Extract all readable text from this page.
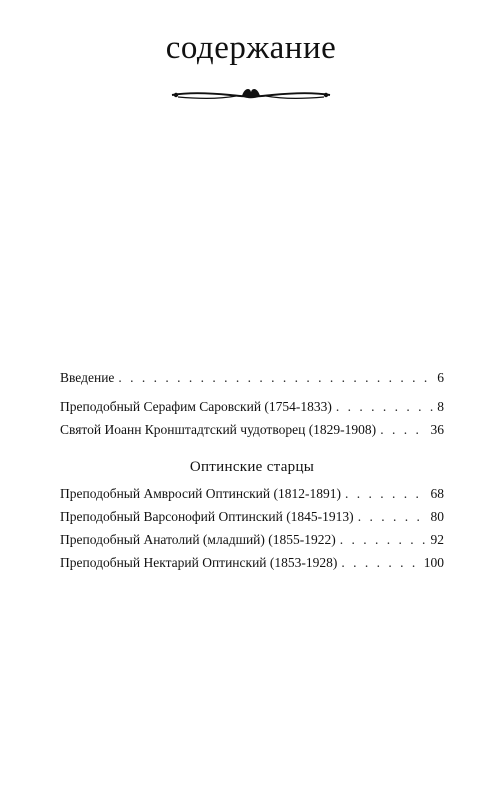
содержание
Введение . . .	6
Преподобный Серафим Саровский (1754-1833) . . .	8
Святой Иоанн Кронштадтский чудотворец (1829-1908) . . .	36
Оптинские старцы
Преподобный Амвросий Оптинский (1812-1891) . . .	68
Преподобный Варсонофий Оптинский (1845-1913) . . .	80
Преподобный Анатолий (младший) (1855-1922) . . .	92
Преподобный Нектарий Оптинский (1853-1928) . . .	100
